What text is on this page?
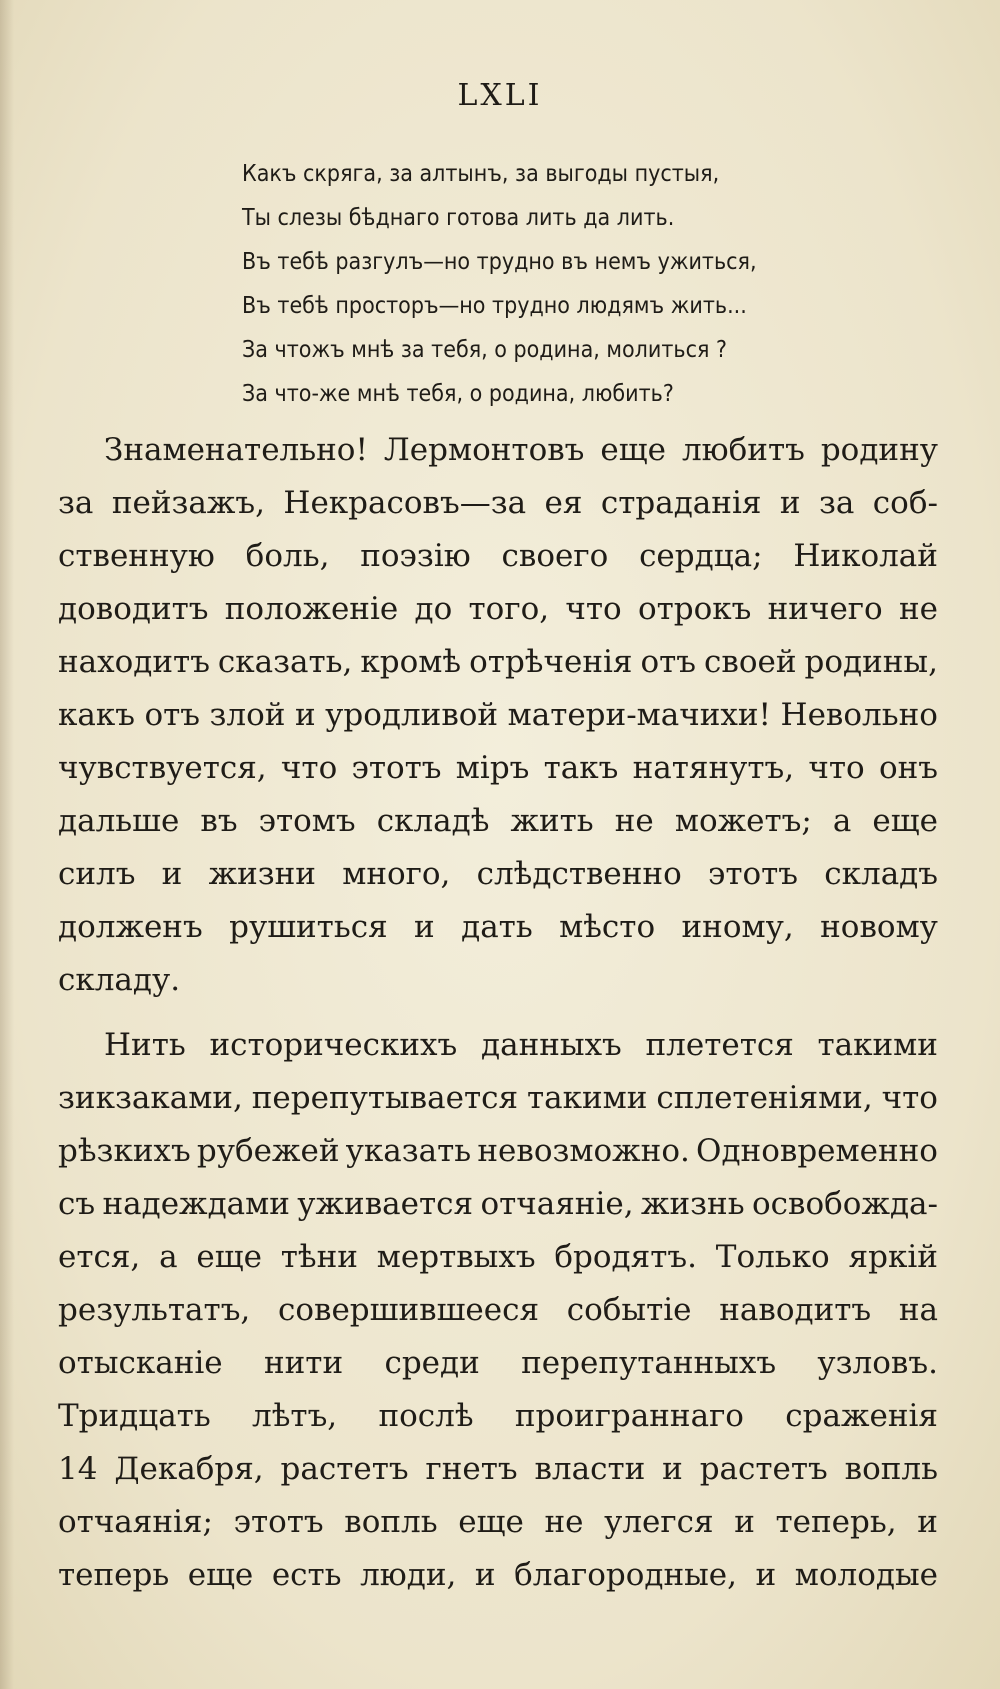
LXLI
Какъ скряга, за алтынъ, за выгоды пустыя,
Ты слезы бѣднаго готова лить да лить.
Въ тебѣ разгулъ—но трудно въ немъ ужиться,
Въ тебѣ просторъ—но трудно людямъ жить...
За чтожъ мнѣ за тебя, о родина, молиться ?
За что-же мнѣ тебя, о родина, любить?
Знаменательно! Лермонтовъ еще любитъ родину
за пейзажъ, Некрасовъ—за ея страданія и за соб-
ственную боль, поэзію своего сердца; Николай
доводитъ положеніе до того, что отрокъ ничего не
находитъ сказать, кромѣ отрѣченія отъ своей родины,
какъ отъ злой и уродливой матери-мачихи! Невольно
чувствуется, что этотъ міръ такъ натянутъ, что онъ
дальше въ этомъ складѣ жить не можетъ; а еще
силъ и жизни много, слѣдственно этотъ складъ
долженъ рушиться и дать мѣсто иному, новому
складу.
Нить историческихъ данныхъ плетется такими
зикзаками, перепутывается такими сплетеніями, что
рѣзкихъ рубежей указать невозможно. Одновременно
съ надеждами уживается отчаяніе, жизнь освобожда-
ется, а еще тѣни мертвыхъ бродятъ. Только яркій
результатъ, совершившееся событіе наводитъ на
отысканіе нити среди перепутанныхъ узловъ.
Тридцать лѣтъ, послѣ проиграннаго сраженія
14 Декабря, растетъ гнетъ власти и растетъ вопль
отчаянія; этотъ вопль еще не улегся и теперь, и
теперь еще есть люди, и благородные, и молодые
